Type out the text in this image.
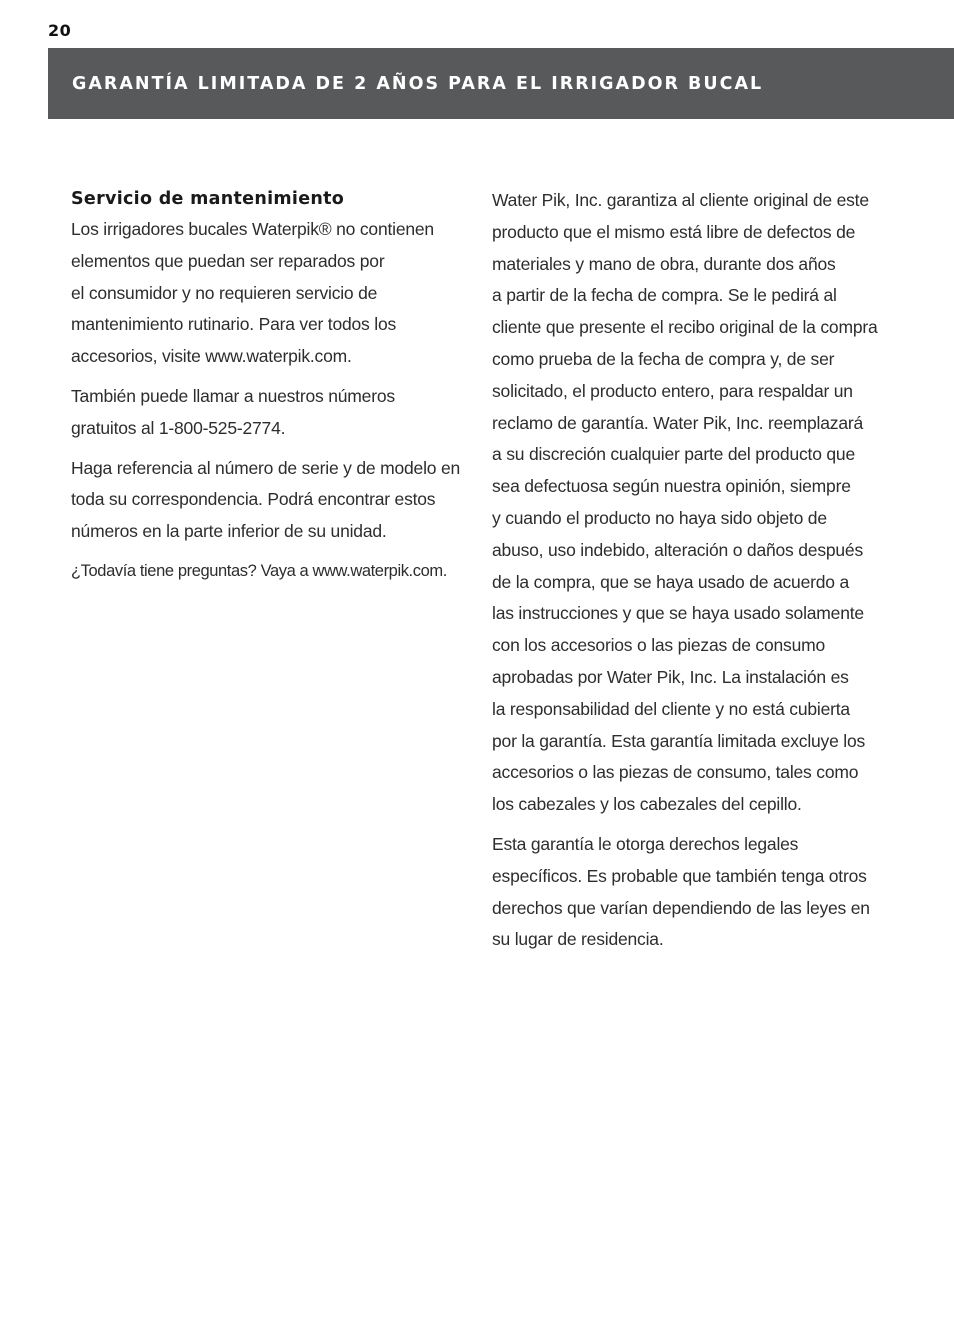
20
GARANTÍA LIMITADA DE 2 AÑOS PARA EL IRRIGADOR BUCAL
Servicio de mantenimiento

Los irrigadores bucales Waterpik® no contienen
elementos que puedan ser reparados por
el consumidor y no requieren servicio de
mantenimiento rutinario. Para ver todos los
accesorios, visite www.waterpik.com.

También puede llamar a nuestros números
gratuitos al 1-800-525-2774.

Haga referencia al número de serie y de modelo en
toda su correspondencia. Podrá encontrar estos
números en la parte inferior de su unidad.

¿Todavía tiene preguntas? Vaya a www.waterpik.com.

Water Pik, Inc. garantiza al cliente original de este
producto que el mismo está libre de defectos de
materiales y mano de obra, durante dos años
a partir de la fecha de compra. Se le pedirá al
cliente que presente el recibo original de la compra
como prueba de la fecha de compra y, de ser
solicitado, el producto entero, para respaldar un
reclamo de garantía. Water Pik, Inc. reemplazará
a su discreción cualquier parte del producto que
sea defectuosa según nuestra opinión, siempre
y cuando el producto no haya sido objeto de
abuso, uso indebido, alteración o daños después
de la compra, que se haya usado de acuerdo a
las instrucciones y que se haya usado solamente
con los accesorios o las piezas de consumo
aprobadas por Water Pik, Inc. La instalación es
la responsabilidad del cliente y no está cubierta
por la garantía. Esta garantía limitada excluye los
accesorios o las piezas de consumo, tales como
los cabezales y los cabezales del cepillo.

Esta garantía le otorga derechos legales
específicos. Es probable que también tenga otros
derechos que varían dependiendo de las leyes en
su lugar de residencia.
